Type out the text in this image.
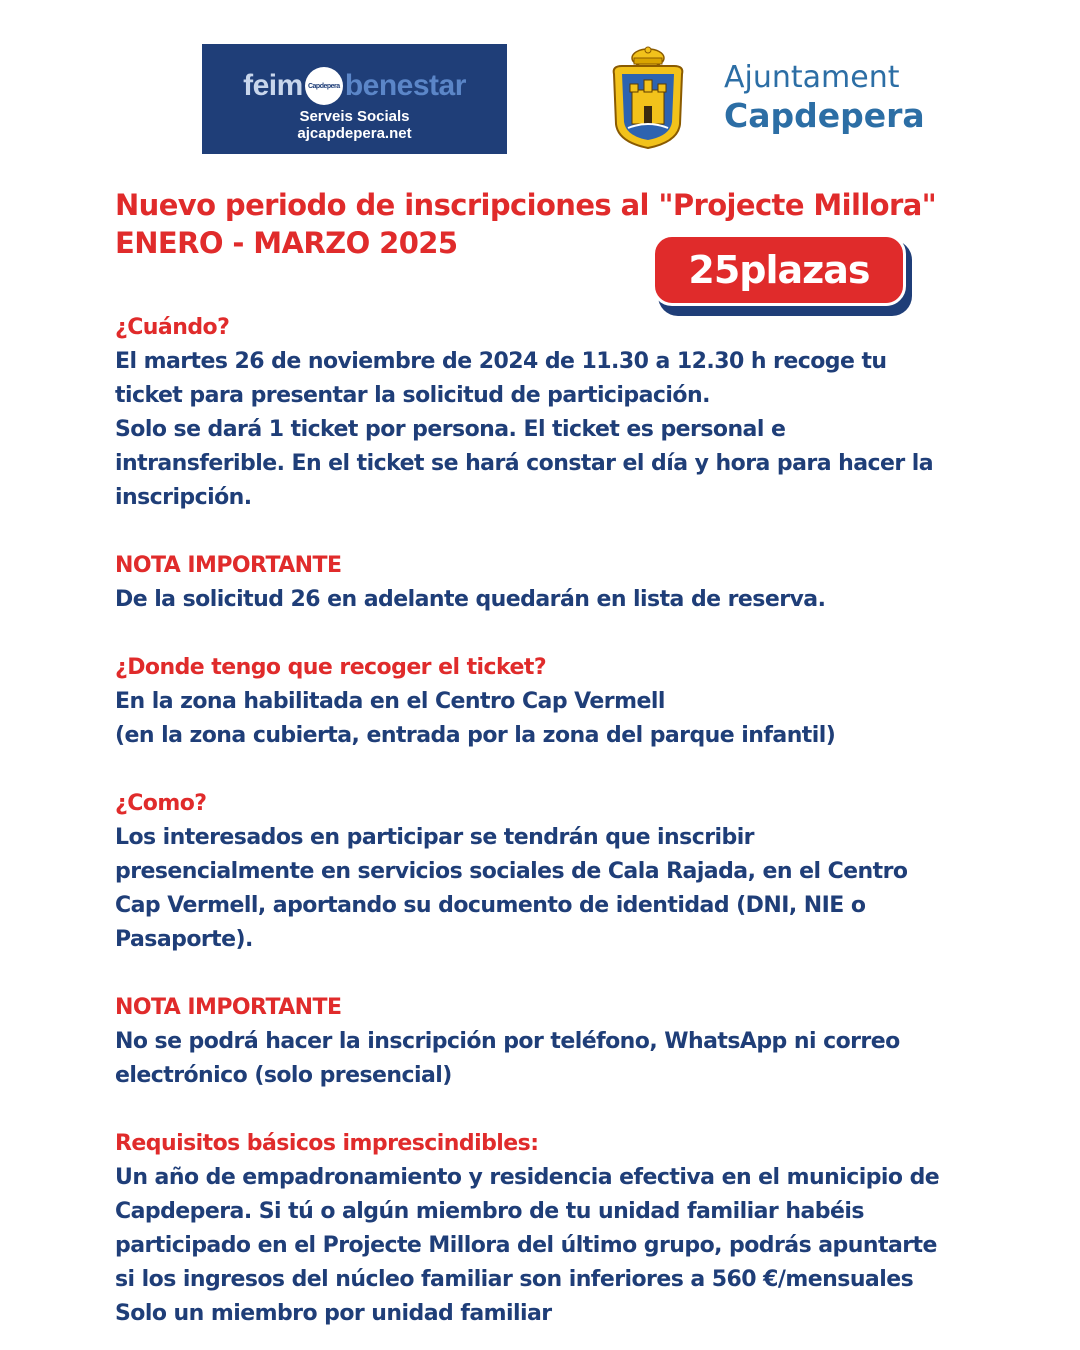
feim Capdepera benestar
Serveis Socials
ajcapdepera.net
Ajuntament
Capdepera
Nuevo periodo de inscripciones al "Projecte Millora"
ENERO - MARZO 2025
25plazas

¿Cuándo?

El martes 26 de noviembre de 2024 de 11.30 a 12.30 h recoge tu

ticket para presentar la solicitud de participación.

Solo se dará 1 ticket por persona. El ticket es personal e

intransferible. En el ticket se hará constar el día y hora para hacer la

inscripción.

NOTA IMPORTANTE

De la solicitud 26 en adelante quedarán en lista de reserva.

¿Donde tengo que recoger el ticket?

En la zona habilitada en el Centro Cap Vermell

(en la zona cubierta, entrada por la zona del parque infantil)

¿Como?

Los interesados en participar se tendrán que inscribir

presencialmente en servicios sociales de Cala Rajada, en el Centro

Cap Vermell, aportando su documento de identidad (DNI, NIE o

Pasaporte).

NOTA IMPORTANTE

No se podrá hacer la inscripción por teléfono, WhatsApp ni correo

electrónico (solo presencial)

Requisitos básicos imprescindibles:

Un año de empadronamiento y residencia efectiva en el municipio de

Capdepera. Si tú o algún miembro de tu unidad familiar habéis

participado en el Projecte Millora del último grupo, podrás apuntarte

si los ingresos del núcleo familiar son inferiores a 560 €/mensuales

Solo un miembro por unidad familiar
